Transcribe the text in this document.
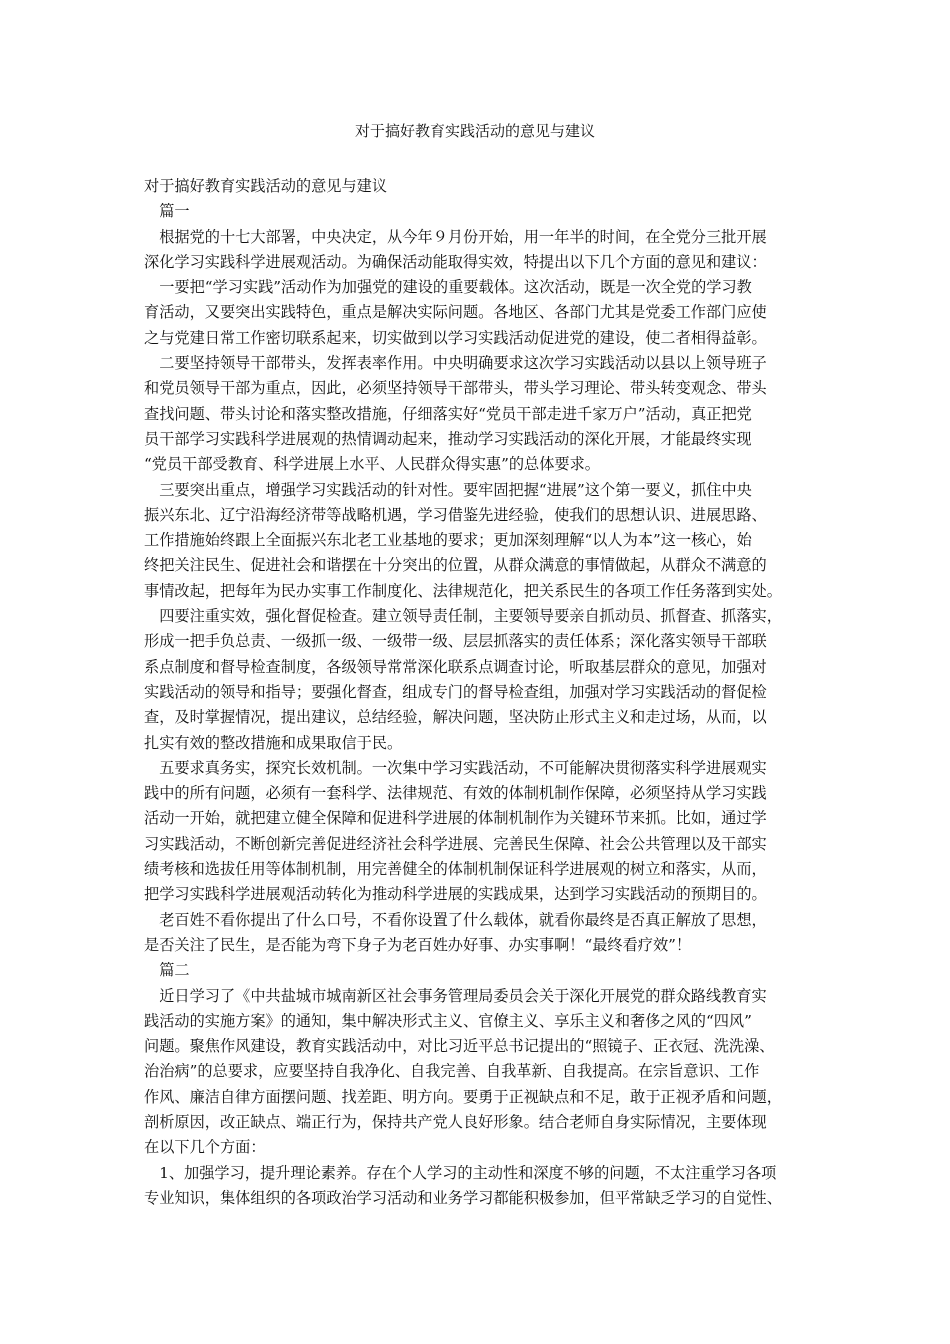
对于搞好教育实践活动的意见与建议
对于搞好教育实践活动的意见与建议
　篇一
　根据党的十七大部署，中央决定，从今年９月份开始，用一年半的时间，在全党分三批开展
深化学习实践科学进展观活动。为确保活动能取得实效，特提出以下几个方面的意见和建议：
　一要把“学习实践”活动作为加强党的建设的重要载体。这次活动，既是一次全党的学习教
育活动，又要突出实践特色，重点是解决实际问题。各地区、各部门尤其是党委工作部门应使
之与党建日常工作密切联系起来，切实做到以学习实践活动促进党的建设，使二者相得益彰。
　二要坚持领导干部带头，发挥表率作用。中央明确要求这次学习实践活动以县以上领导班子
和党员领导干部为重点，因此，必须坚持领导干部带头，带头学习理论、带头转变观念、带头
查找问题、带头讨论和落实整改措施，仔细落实好“党员干部走进千家万户”活动，真正把党
员干部学习实践科学进展观的热情调动起来，推动学习实践活动的深化开展，才能最终实现
“党员干部受教育、科学进展上水平、人民群众得实惠”的总体要求。
　三要突出重点，增强学习实践活动的针对性。要牢固把握“进展”这个第一要义，抓住中央
振兴东北、辽宁沿海经济带等战略机遇，学习借鉴先进经验，使我们的思想认识、进展思路、
工作措施始终跟上全面振兴东北老工业基地的要求；更加深刻理解“以人为本”这一核心，始
终把关注民生、促进社会和谐摆在十分突出的位置，从群众满意的事情做起，从群众不满意的
事情改起，把每年为民办实事工作制度化、法律规范化，把关系民生的各项工作任务落到实处。
　四要注重实效，强化督促检查。建立领导责任制，主要领导要亲自抓动员、抓督查、抓落实，
形成一把手负总责、一级抓一级、一级带一级、层层抓落实的责任体系；深化落实领导干部联
系点制度和督导检查制度，各级领导常常深化联系点调查讨论，听取基层群众的意见，加强对
实践活动的领导和指导；要强化督查，组成专门的督导检查组，加强对学习实践活动的督促检
查，及时掌握情况，提出建议，总结经验，解决问题，坚决防止形式主义和走过场，从而，以
扎实有效的整改措施和成果取信于民。
　五要求真务实，探究长效机制。一次集中学习实践活动，不可能解决贯彻落实科学进展观实
践中的所有问题，必须有一套科学、法律规范、有效的体制机制作保障，必须坚持从学习实践
活动一开始，就把建立健全保障和促进科学进展的体制机制作为关键环节来抓。比如，通过学
习实践活动，不断创新完善促进经济社会科学进展、完善民生保障、社会公共管理以及干部实
绩考核和选拔任用等体制机制，用完善健全的体制机制保证科学进展观的树立和落实，从而，
把学习实践科学进展观活动转化为推动科学进展的实践成果，达到学习实践活动的预期目的。
　老百姓不看你提出了什么口号，不看你设置了什么载体，就看你最终是否真正解放了思想，
是否关注了民生，是否能为弯下身子为老百姓办好事、办实事啊！“最终看疗效”！
　篇二
　近日学习了《中共盐城市城南新区社会事务管理局委员会关于深化开展党的群众路线教育实
践活动的实施方案》的通知，集中解决形式主义、官僚主义、享乐主义和奢侈之风的“四风”
问题。聚焦作风建设，教育实践活动中，对比习近平总书记提出的“照镜子、正衣冠、洗洗澡、
治治病”的总要求，应要坚持自我净化、自我完善、自我革新、自我提高。在宗旨意识、工作
作风、廉洁自律方面摆问题、找差距、明方向。要勇于正视缺点和不足，敢于正视矛盾和问题，
剖析原因，改正缺点、端正行为，保持共产党人良好形象。结合老师自身实际情况，主要体现
在以下几个方面：
　1、加强学习，提升理论素养。存在个人学习的主动性和深度不够的问题，不太注重学习各项
专业知识，集体组织的各项政治学习活动和业务学习都能积极参加，但平常缺乏学习的自觉性、
